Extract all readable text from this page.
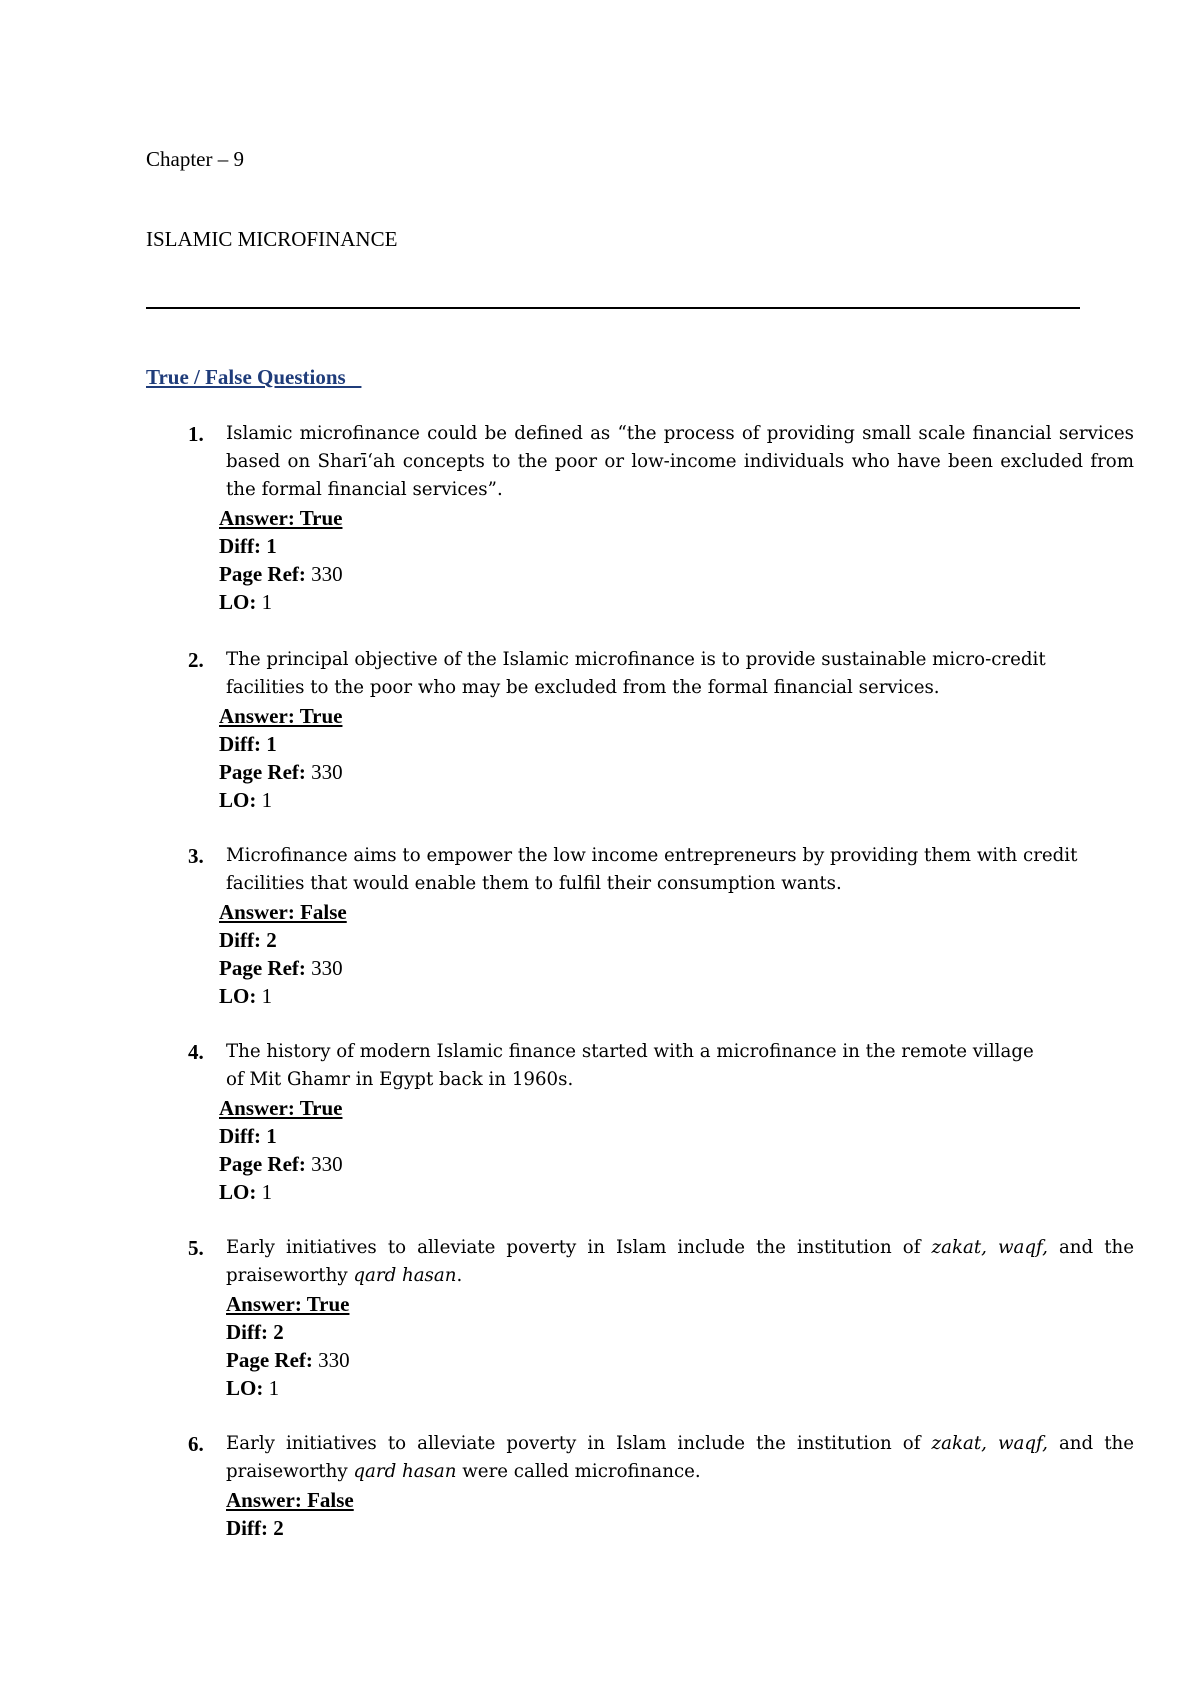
Chapter – 9
ISLAMIC MICROFINANCE
True / False Questions
1. Islamic microfinance could be defined as “the process of providing small scale financial services based on Sharī‘ah concepts to the poor or low-income individuals who have been excluded from the formal financial services”.
Answer: True
Diff: 1
Page Ref: 330
LO: 1
2. The principal objective of the Islamic microfinance is to provide sustainable micro-credit facilities to the poor who may be excluded from the formal financial services.
Answer: True
Diff: 1
Page Ref: 330
LO: 1
3. Microfinance aims to empower the low income entrepreneurs by providing them with credit facilities that would enable them to fulfil their consumption wants.
Answer: False
Diff: 2
Page Ref: 330
LO: 1
4. The history of modern Islamic finance started with a microfinance in the remote village of Mit Ghamr in Egypt back in 1960s.
Answer: True
Diff: 1
Page Ref: 330
LO: 1
5. Early initiatives to alleviate poverty in Islam include the institution of zakat, waqf, and the praiseworthy qard hasan.
Answer: True
Diff: 2
Page Ref: 330
LO: 1
6. Early initiatives to alleviate poverty in Islam include the institution of zakat, waqf, and the praiseworthy qard hasan were called microfinance.
Answer: False
Diff: 2
